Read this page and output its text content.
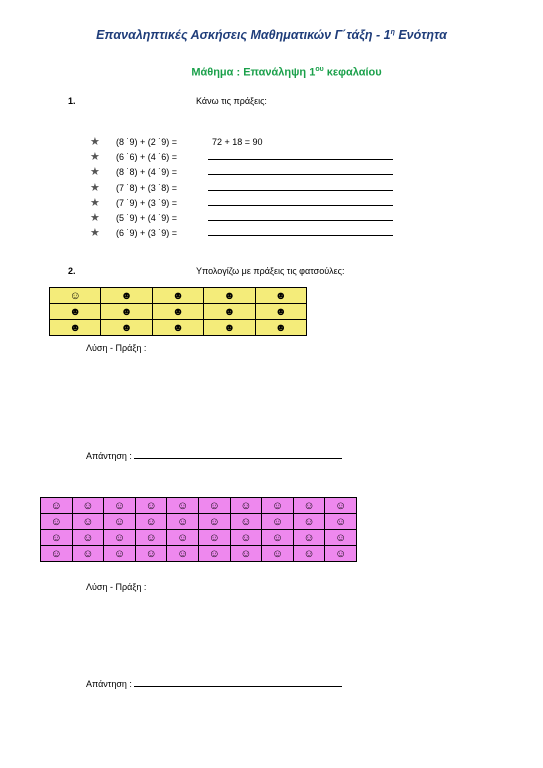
Επαναληπτικές Ασκήσεις Μαθηματικών $\Gamma΄\tau ά\xi\eta - 1^\eta$ Ενότητα
Μάθημα : Επανάληψη $1^{o\upsilon}$ κεφαλαίου
1.	Κάνω τις πράξεις:
★ (8 ˙9) + (2 ˙9) =	72 + 18 = 90
★ (6 ˙6) + (4 ˙6) =
★ (8 ˙8) + (4 ˙9) =
★ (7 ˙8) + (3 ˙8) =
★ (7 ˙9) + (3 ˙9) =
★ (5 ˙9) + (4 ˙9) =
★ (6 ˙9) + (3 ˙9) =
2.	Υπολογίζω με πράξεις τις φατσούλες:
☺	☻	☻	☻	☻
☻	☻	☻	☻	☻
☻	☻	☻	☻	☻
Λύση - Πράξη :
Απάντηση :
☺	☺	☺	☺	☺	☺	☺	☺	☺	☺
☺	☺	☺	☺	☺	☺	☺	☺	☺	☺
☺	☺	☺	☺	☺	☺	☺	☺	☺	☺
☺	☺	☺	☺	☺	☺	☺	☺	☺	☺
Λύση - Πράξη :
Απάντηση :
